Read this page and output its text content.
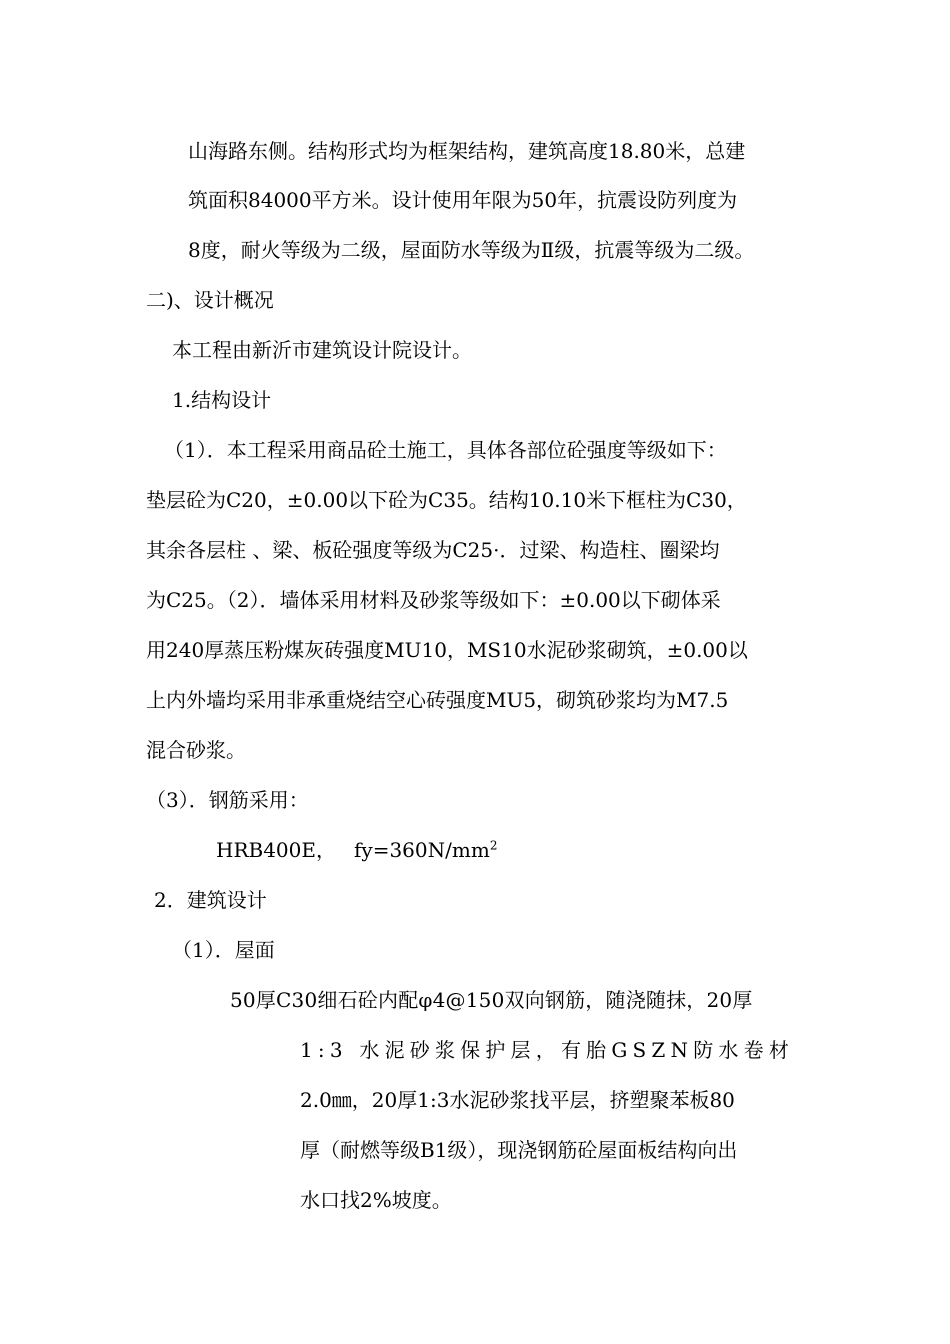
山海路东侧。结构形式均为框架结构，建筑高度18.80米，总建
筑面积84000平方米。设计使用年限为50年，抗震设防列度为
8度，耐火等级为二级，屋面防水等级为Ⅱ级，抗震等级为二级。
二)、设计概况
本工程由新沂市建筑设计院设计。
1.结构设计
（1）．本工程采用商品砼土施工，具体各部位砼强度等级如下：
垫层砼为C20，±0.00以下砼为C35。结构10.10米下框柱为C30，
其余各层柱 、梁、板砼强度等级为C25·．过梁、构造柱、圈梁均
为C25。（2）．墙体采用材料及砂浆等级如下：±0.00以下砌体采
用240厚蒸压粉煤灰砖强度MU10，MS10水泥砂浆砌筑，±0.00以
上内外墙均采用非承重烧结空心砖强度MU5，砌筑砂浆均为M7.5
混合砂浆。
（3）．钢筋采用：
HRB400E， $fy=360N/mm^2$
2．建筑设计
（1）．屋面
50厚C30细石砼内配φ4@150双向钢筋，随浇随抹，20厚
1:3 水泥砂浆保护层，有胎GSZN防水卷材
2.0㎜，20厚1:3水泥砂浆找平层，挤塑聚苯板80
厚（耐燃等级B1级），现浇钢筋砼屋面板结构向出
水口找2%坡度。
